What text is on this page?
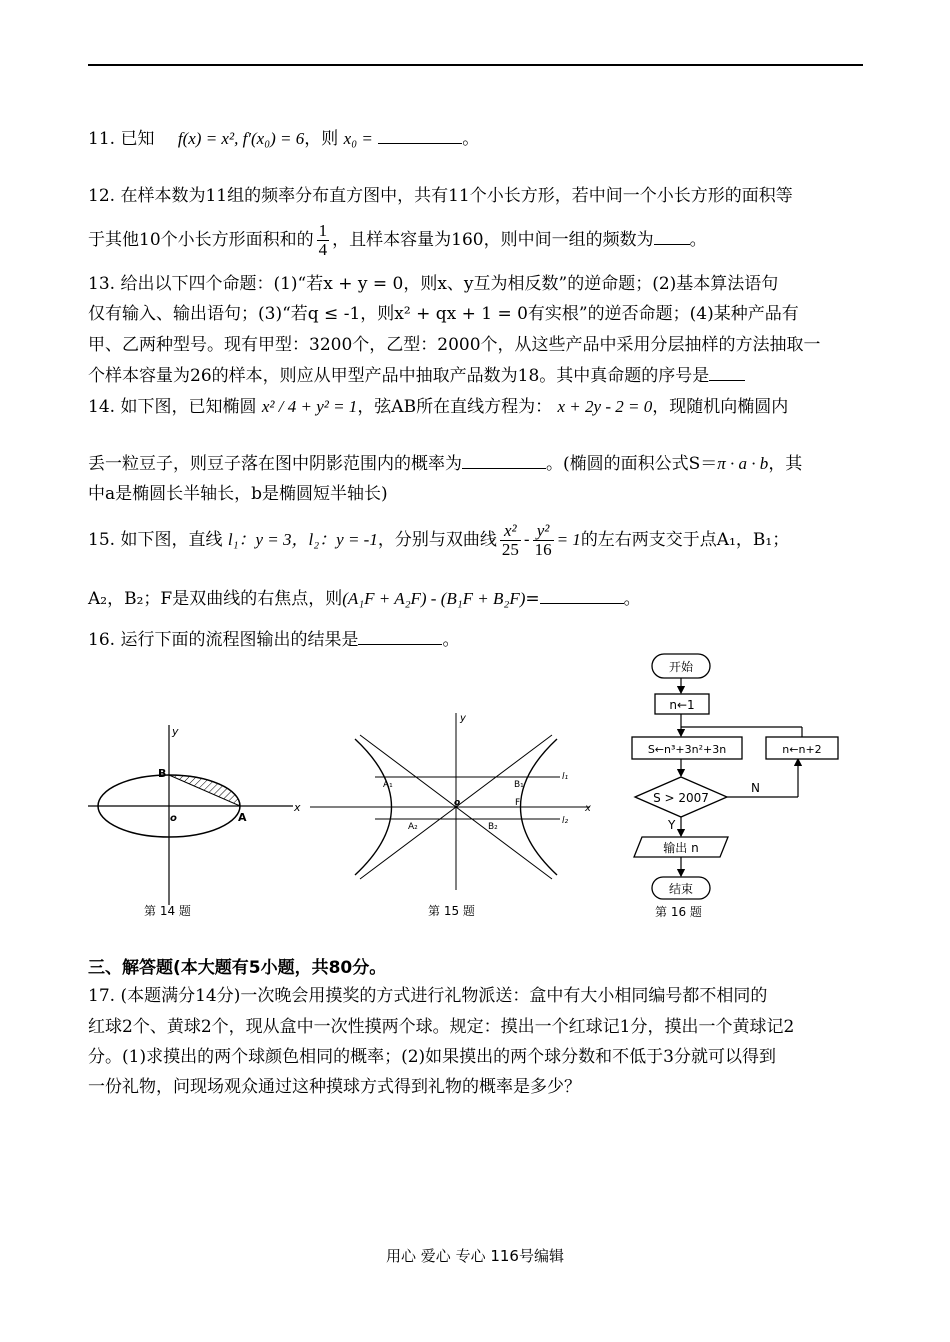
11. 已知 f(x) = x², f′(x₀) = 6，则 x₀ =	。
12. 在样本数为11组的频率分布直方图中，共有11个小长方形，若中间一个小长方形的面积等
于其他10个小长方形面积和的 $\frac{1}{4}$ ，且样本容量为160，则中间一组的频数为 。
13. 给出以下四个命题：(1)“若x + y = 0，则x、y互为相反数”的逆命题；(2)基本算法语句
仅有输入、输出语句；(3)“若q ≤ -1，则x² + qx + 1 = 0有实根”的逆否命题；(4)某种产品有
甲、乙两种型号。现有甲型：3200个，乙型：2000个，从这些产品中采用分层抽样的方法抽取一
个样本容量为26的样本，则应从甲型产品中抽取产品数为18。其中真命题的序号是
14. 如下图，已知椭圆 x² / 4 + y² = 1，弦AB所在直线方程为： x + 2y - 2 = 0，现随机向椭圆内
丢一粒豆子，则豆子落在图中阴影范围内的概率为	。(椭圆的面积公式S＝π · a · b，其
中a是椭圆长半轴长，b是椭圆短半轴长)
15. 如下图，直线 l₁：y = 3，l₂：y = -1，分别与双曲线 $\frac{\text{x²}}{25} - \frac{\text{y²}}{16} = 1$的左右两支交于点A₁，B₁；
A₂，B₂；F是双曲线的右焦点，则(A₁F + A₂F) - (B₁F + B₂F)=	。
16. 运行下面的流程图输出的结果是	。
y
x
o
B
A
第 14 题
y
x
o
A₁	B₁
A₂	B₂
F
l₁
l₂
第 15 题
开始
n←1
S←n³+3n²+3n
S > 2007
N
n←n+2
Y
输出 n
结束
第 16 题
三、解答题(本大题有5小题，共80分。
17. (本题满分14分)一次晚会用摸奖的方式进行礼物派送：盒中有大小相同编号都不相同的
红球2个、黄球2个，现从盒中一次性摸两个球。规定：摸出一个红球记1分，摸出一个黄球记2
分。(1)求摸出的两个球颜色相同的概率；(2)如果摸出的两个球分数和不低于3分就可以得到
一份礼物，问现场观众通过这种摸球方式得到礼物的概率是多少？
用心 爱心 专心 116号编辑
